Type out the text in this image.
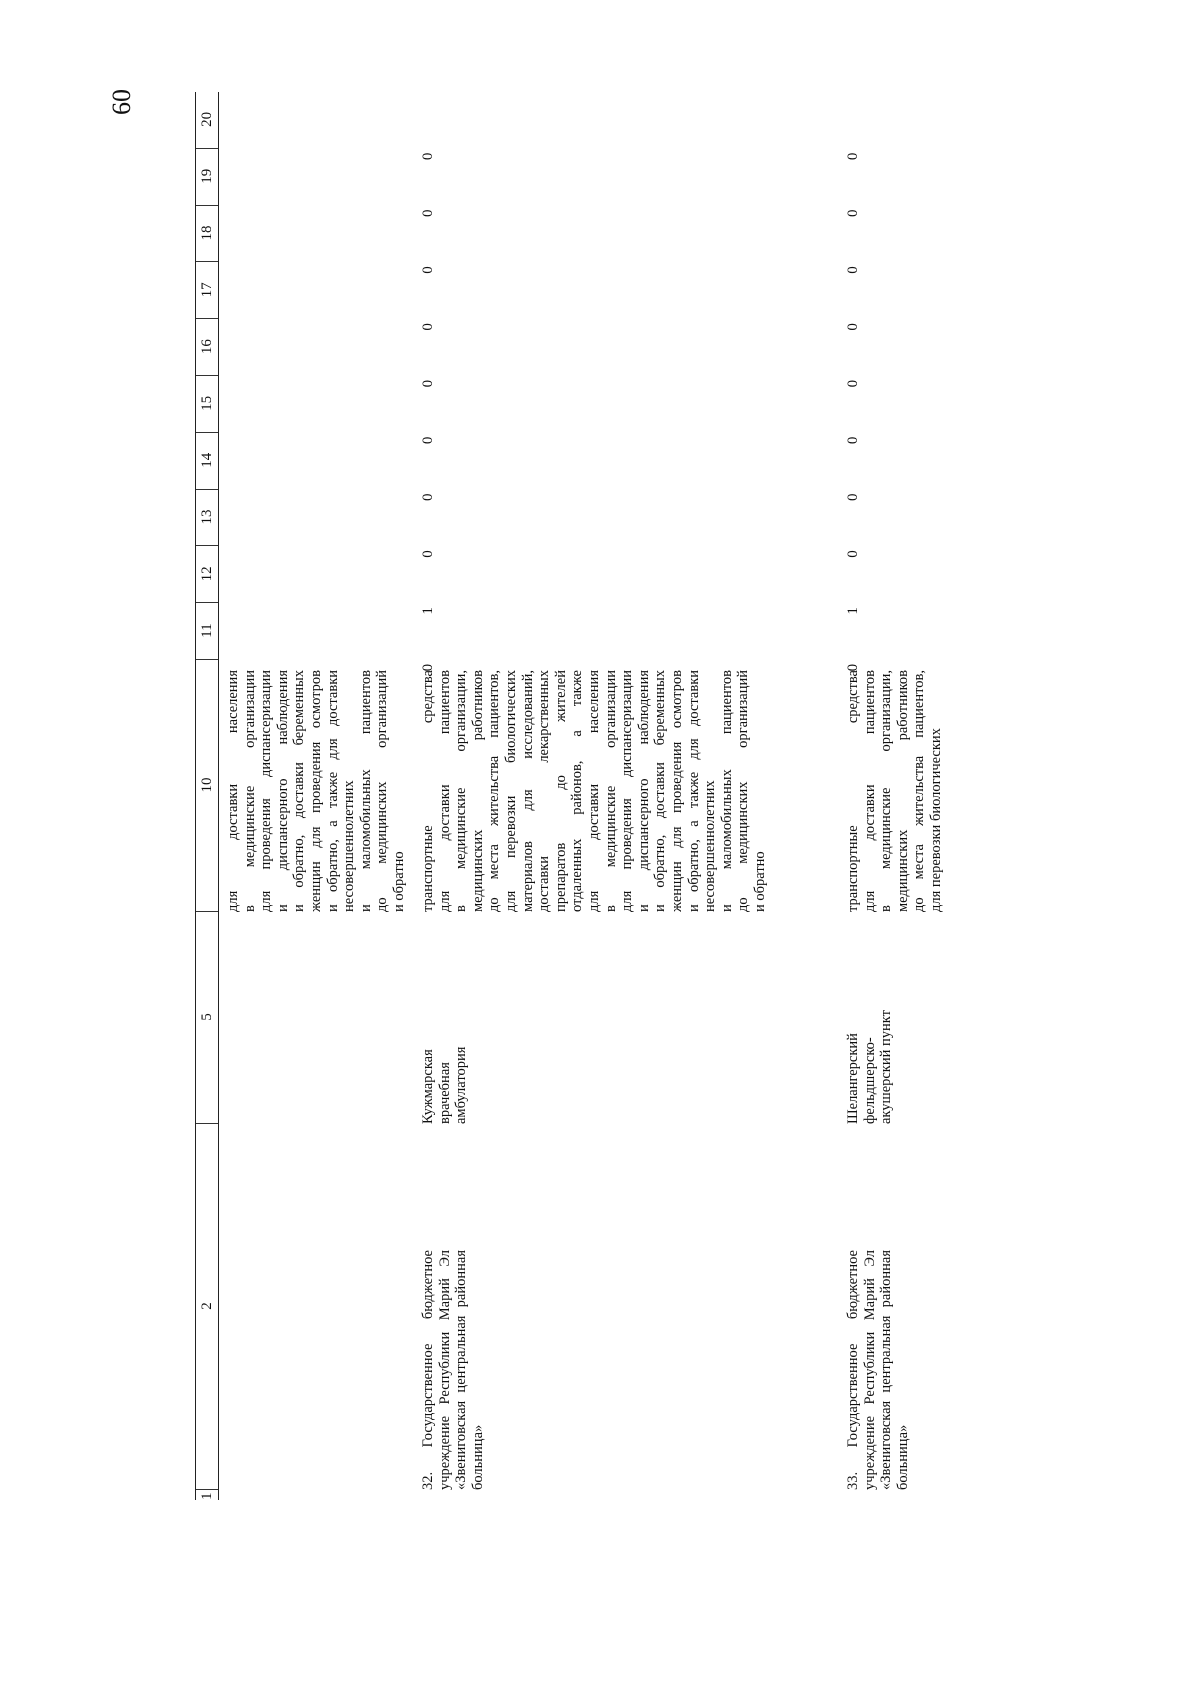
60
1
2
5
10
11
12
13
14
15
16
17
18
19
20
для доставки населения в медицинские организации для проведения диспансеризации и диспансерного наблюдения и обратно, доставки беременных женщин для проведения осмотров и обратно, а также для доставки несовершеннолетних и маломобильных пациентов до медицинских организаций и обратно
32. Государственное бюджетное учреждение Республики Марий Эл «Звениговская центральная районная больница»
Кужмарская врачебная амбулатория
транспортные средства для доставки пациентов в медицинские организации, медицинских работников до места жительства пациентов, для перевозки биологических материалов для исследований, доставки лекарственных препаратов до жителей отдаленных районов, а также для доставки населения в медицинские организации для проведения диспансеризации и диспансерного наблюдения и обратно, доставки беременных женщин для проведения осмотров и обратно, а также для доставки несовершеннолетних и маломобильных пациентов до медицинских организаций и обратно
0
1
0
0
0
0
0
0
0
0
33. Государственное бюджетное учреждение Республики Марий Эл «Звениговская центральная районная больница»
Шелангерский фельдшерско-акушерский пункт
транспортные средства для доставки пациентов в медицинские организации, медицинских работников до места жительства пациентов, для перевозки биологических
0
1
0
0
0
0
0
0
0
0
